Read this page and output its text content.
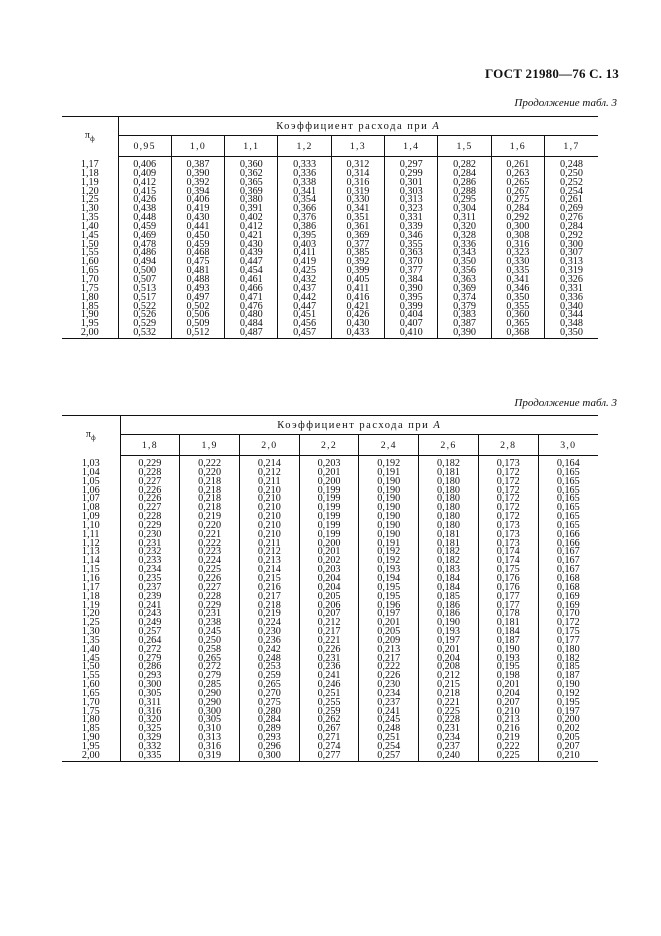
ГОСТ 21980—76 С. 13
Продолжение табл. 3
$\pi_ф$	Коэффициент расхода при A								
	0,95	1,0	1,1	1,2	1,3	1,4	1,5	1,6	1,7
1,17	0,406	0,387	0,360	0,333	0,312	0,297	0,282	0,261	0,248
1,18	0,409	0,390	0,362	0,336	0,314	0,299	0,284	0,263	0,250
1,19	0,412	0,392	0,365	0,338	0,316	0,301	0,286	0,265	0,252
1,20	0,415	0,394	0,369	0,341	0,319	0,303	0,288	0,267	0,254
1,25	0,426	0,406	0,380	0,354	0,330	0,313	0,295	0,275	0,261
1,30	0,438	0,419	0,391	0,366	0,341	0,323	0,304	0,284	0,269
1,35	0,448	0,430	0,402	0,376	0,351	0,331	0,311	0,292	0,276
1,40	0,459	0,441	0,412	0,386	0,361	0,339	0,320	0,300	0,284
1,45	0,469	0,450	0,421	0,395	0,369	0,346	0,328	0,308	0,292
1,50	0,478	0,459	0,430	0,403	0,377	0,355	0,336	0,316	0,300
1,55	0,486	0,468	0,439	0,411	0,385	0,363	0,343	0,323	0,307
1,60	0,494	0,475	0,447	0,419	0,392	0,370	0,350	0,330	0,313
1,65	0,500	0,481	0,454	0,425	0,399	0,377	0,356	0,335	0,319
1,70	0,507	0,488	0,461	0,432	0,405	0,384	0,363	0,341	0,326
1,75	0,513	0,493	0,466	0,437	0,411	0,390	0,369	0,346	0,331
1,80	0,517	0,497	0,471	0,442	0,416	0,395	0,374	0,350	0,336
1,85	0,522	0,502	0,476	0,447	0,421	0,399	0,379	0,355	0,340
1,90	0,526	0,506	0,480	0,451	0,426	0,404	0,383	0,360	0,344
1,95	0,529	0,509	0,484	0,456	0,430	0,407	0,387	0,365	0,348
2,00	0,532	0,512	0,487	0,457	0,433	0,410	0,390	0,368	0,350
Продолжение табл. 3
$\pi_ф$	Коэффициент расхода при A							
	1,8	1,9	2,0	2,2	2,4	2,6	2,8	3,0
1,03	0,229	0,222	0,214	0,203	0,192	0,182	0,173	0,164
1,04	0,228	0,220	0,212	0,201	0,191	0,181	0,172	0,165
1,05	0,227	0,218	0,211	0,200	0,190	0,180	0,172	0,165
1,06	0,226	0,218	0,210	0,199	0,190	0,180	0,172	0,165
1,07	0,226	0,218	0,210	0,199	0,190	0,180	0,172	0,165
1,08	0,227	0,218	0,210	0,199	0,190	0,180	0,172	0,165
1,09	0,228	0,219	0,210	0,199	0,190	0,180	0,172	0,165
1,10	0,229	0,220	0,210	0,199	0,190	0,180	0,173	0,165
1,11	0,230	0,221	0,210	0,199	0,190	0,181	0,173	0,166
1,12	0,231	0,222	0,211	0,200	0,191	0,181	0,173	0,166
1,13	0,232	0,223	0,212	0,201	0,192	0,182	0,174	0,167
1,14	0,233	0,224	0,213	0,202	0,192	0,182	0,174	0,167
1,15	0,234	0,225	0,214	0,203	0,193	0,183	0,175	0,167
1,16	0,235	0,226	0,215	0,204	0,194	0,184	0,176	0,168
1,17	0,237	0,227	0,216	0,204	0,195	0,184	0,176	0,168
1,18	0,239	0,228	0,217	0,205	0,195	0,185	0,177	0,169
1,19	0,241	0,229	0,218	0,206	0,196	0,186	0,177	0,169
1,20	0,243	0,231	0,219	0,207	0,197	0,186	0,178	0,170
1,25	0,249	0,238	0,224	0,212	0,201	0,190	0,181	0,172
1,30	0,257	0,245	0,230	0,217	0,205	0,193	0,184	0,175
1,35	0,264	0,250	0,236	0,221	0,209	0,197	0,187	0,177
1,40	0,272	0,258	0,242	0,226	0,213	0,201	0,190	0,180
1,45	0,279	0,265	0,248	0,231	0,217	0,204	0,193	0,182
1,50	0,286	0,272	0,253	0,236	0,222	0,208	0,195	0,185
1,55	0,293	0,279	0,259	0,241	0,226	0,212	0,198	0,187
1,60	0,300	0,285	0,265	0,246	0,230	0,215	0,201	0,190
1,65	0,305	0,290	0,270	0,251	0,234	0,218	0,204	0,192
1,70	0,311	0,290	0,275	0,255	0,237	0,221	0,207	0,195
1,75	0,316	0,300	0,280	0,259	0,241	0,225	0,210	0,197
1,80	0,320	0,305	0,284	0,262	0,245	0,228	0,213	0,200
1,85	0,325	0,310	0,289	0,267	0,248	0,231	0,216	0,202
1,90	0,329	0,313	0,293	0,271	0,251	0,234	0,219	0,205
1,95	0,332	0,316	0,296	0,274	0,254	0,237	0,222	0,207
2,00	0,335	0,319	0,300	0,277	0,257	0,240	0,225	0,210
